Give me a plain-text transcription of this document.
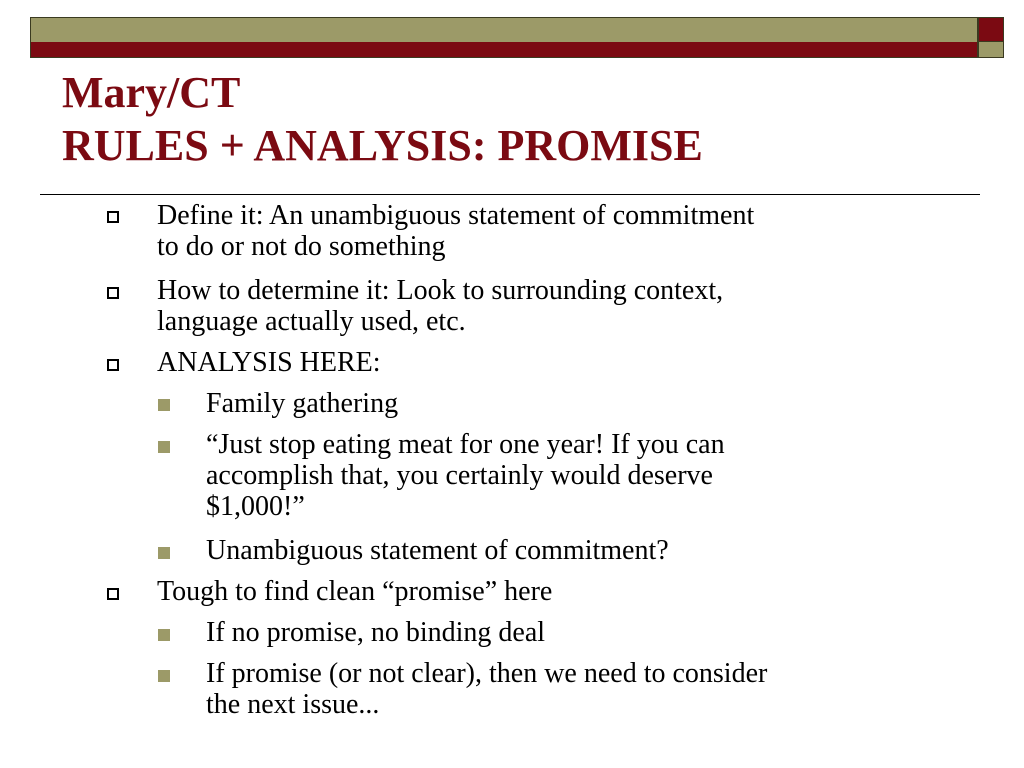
Mary/CT
RULES + ANALYSIS: PROMISE
Define it: An unambiguous statement of commitment
to do or not do something
How to determine it: Look to surrounding context,
language actually used, etc.
ANALYSIS HERE:
Family gathering
“Just stop eating meat for one year! If you can
accomplish that, you certainly would deserve
$1,000!”
Unambiguous statement of commitment?
Tough to find clean “promise” here
If no promise, no binding deal
If promise (or not clear), then we need to consider
the next issue...
